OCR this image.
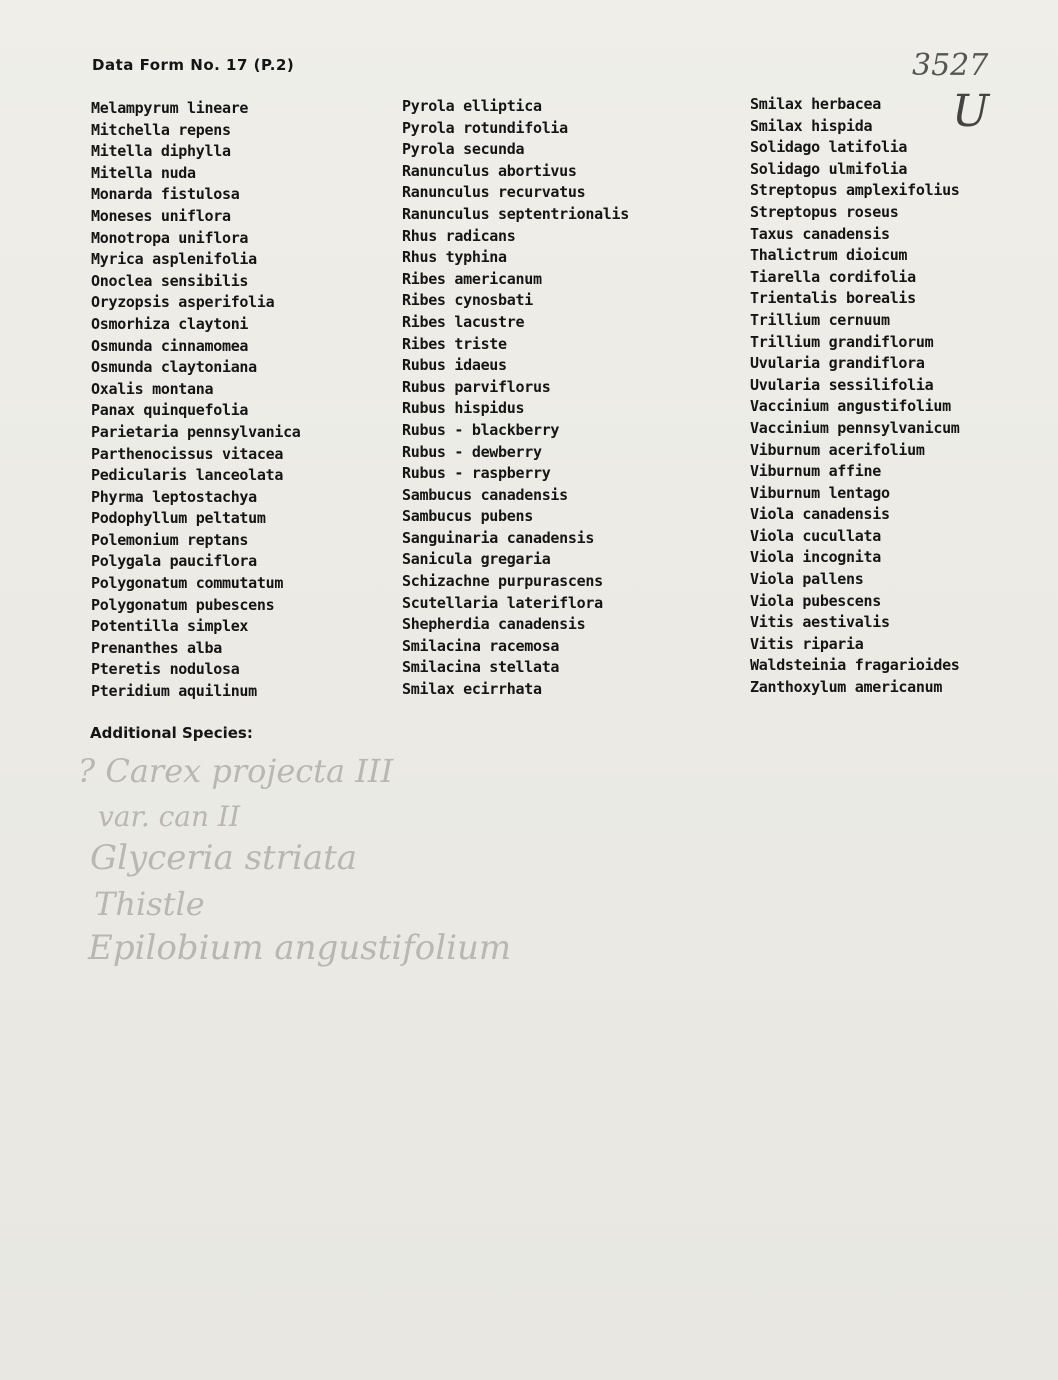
Data Form No. 17 (P.2)	3527
U
Melampyrum lineare
Mitchella repens
Mitella diphylla
Mitella nuda
Monarda fistulosa
Moneses uniflora
Monotropa uniflora
Myrica asplenifolia
Onoclea sensibilis
Oryzopsis asperifolia
Osmorhiza claytoni
Osmunda cinnamomea
Osmunda claytoniana
Oxalis montana
Panax quinquefolia
Parietaria pennsylvanica
Parthenocissus vitacea
Pedicularis lanceolata
Phyrma leptostachya
Podophyllum peltatum
Polemonium reptans
Polygala pauciflora
Polygonatum commutatum
Polygonatum pubescens
Potentilla simplex
Prenanthes alba
Pteretis nodulosa
Pteridium aquilinum
Pyrola elliptica
Pyrola rotundifolia
Pyrola secunda
Ranunculus abortivus
Ranunculus recurvatus
Ranunculus septentrionalis
Rhus radicans
Rhus typhina
Ribes americanum
Ribes cynosbati
Ribes lacustre
Ribes triste
Rubus idaeus
Rubus parviflorus
Rubus hispidus
Rubus - blackberry
Rubus - dewberry
Rubus - raspberry
Sambucus canadensis
Sambucus pubens
Sanguinaria canadensis
Sanicula gregaria
Schizachne purpurascens
Scutellaria lateriflora
Shepherdia canadensis
Smilacina racemosa
Smilacina stellata
Smilax ecirrhata
Smilax herbacea
Smilax hispida
Solidago latifolia
Solidago ulmifolia
Streptopus amplexifolius
Streptopus roseus
Taxus canadensis
Thalictrum dioicum
Tiarella cordifolia
Trientalis borealis
Trillium cernuum
Trillium grandiflorum
Uvularia grandiflora
Uvularia sessilifolia
Vaccinium angustifolium
Vaccinium pennsylvanicum
Viburnum acerifolium
Viburnum affine
Viburnum lentago
Viola canadensis
Viola cucullata
Viola incognita
Viola pallens
Viola pubescens
Vitis aestivalis
Vitis riparia
Waldsteinia fragarioides
Zanthoxylum americanum
Additional Species:
? Carex projecta III
var. can II
Glyceria striata
Thistle
Epilobium angustifolium
